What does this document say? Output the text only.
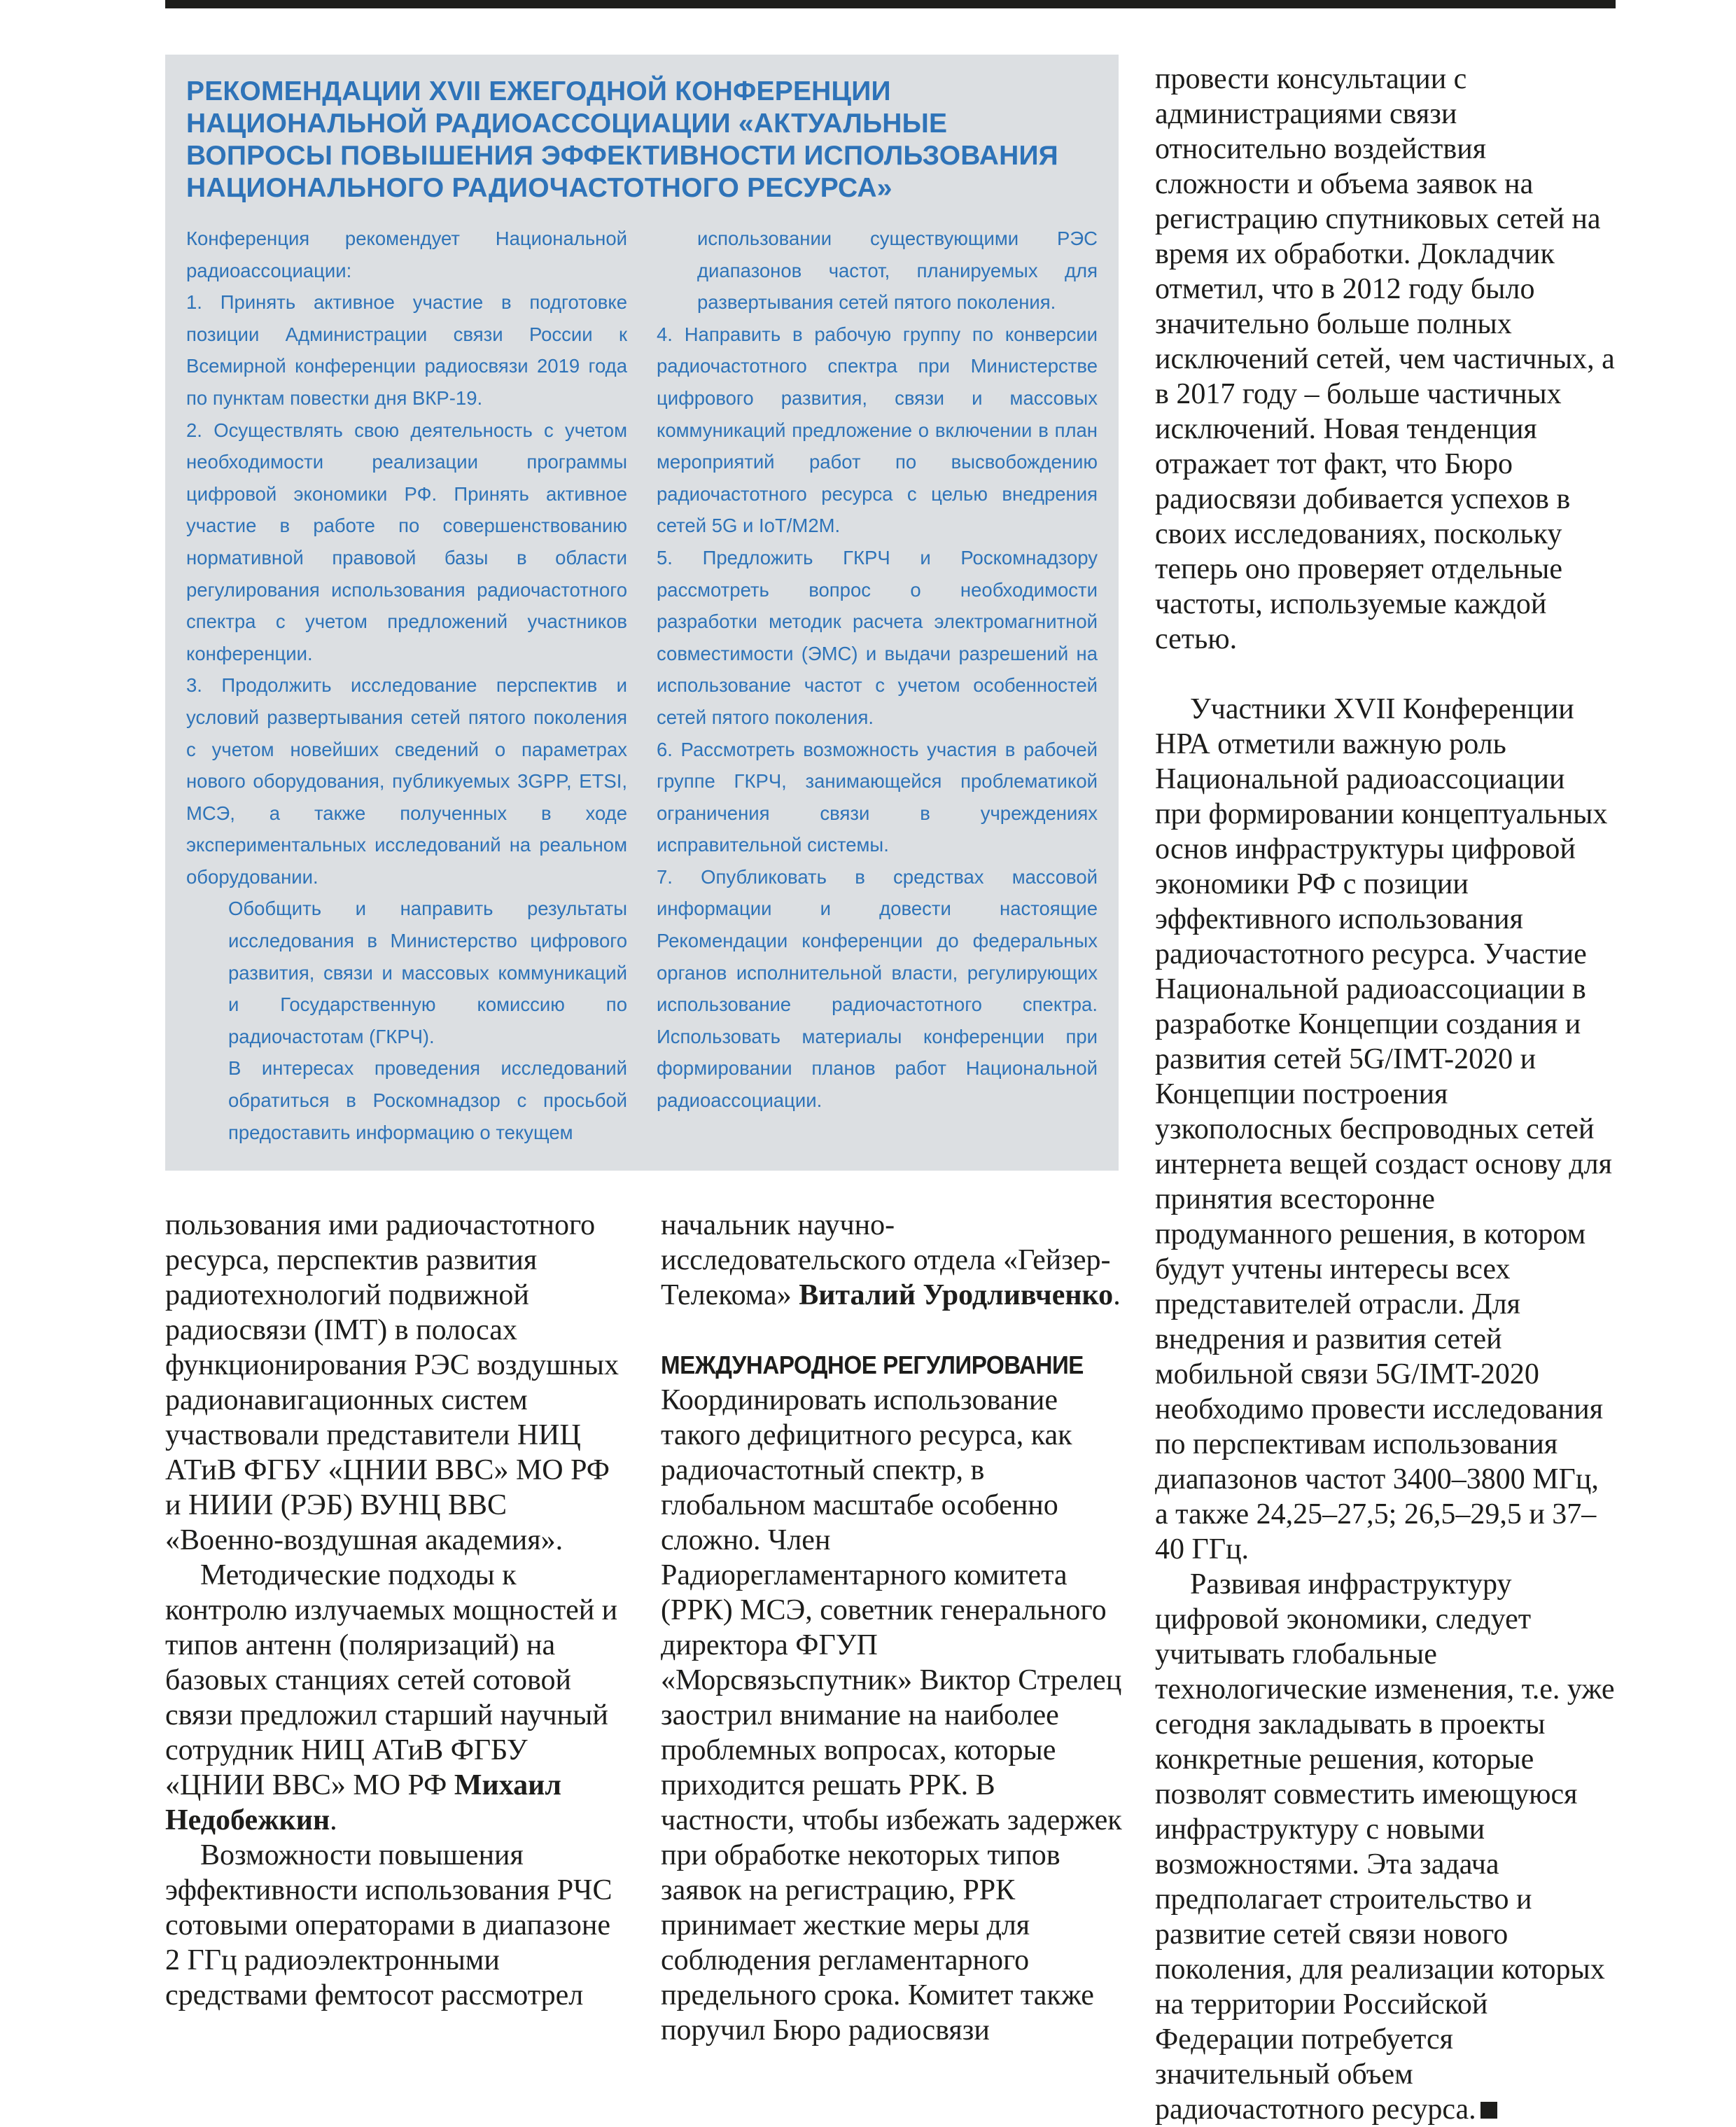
РЕКОМЕНДАЦИИ XVII ЕЖЕГОДНОЙ КОНФЕРЕНЦИИ НАЦИОНАЛЬНОЙ РАДИОАССОЦИАЦИИ «АКТУАЛЬНЫЕ ВОПРОСЫ ПОВЫШЕНИЯ ЭФФЕКТИВНОСТИ ИСПОЛЬЗОВАНИЯ НАЦИОНАЛЬНОГО РАДИОЧАСТОТНОГО РЕСУРСА»

Конференция рекомендует Национальной радиоассоциации:

1. Принять активное участие в подготовке позиции Администрации связи России к Всемирной конференции радиосвязи 2019 года по пунктам повестки дня ВКР-19.

2. Осуществлять свою деятельность с учетом необходимости реализации программы цифровой экономики РФ. Принять активное участие в работе по совершенствованию нормативной правовой базы в области регулирования использования радиочастотного спектра с учетом предложений участников конференции.

3. Продолжить исследование перспектив и условий развертывания сетей пятого поколения с учетом новейших сведений о параметрах нового оборудования, публикуемых 3GPP, ETSI, МСЭ, а также полученных в ходе экспериментальных исследований на реальном оборудовании.

Обобщить и направить результаты исследования в Министерство цифрового развития, связи и массовых коммуникаций и Государственную комиссию по радиочастотам (ГКРЧ).

В интересах проведения исследований обратиться в Роскомнадзор с просьбой предоставить информацию о текущем

использовании существующими РЭС диапазонов частот, планируемых для развертывания сетей пятого поколения.

4. Направить в рабочую группу по конверсии радиочастотного спектра при Министерстве цифрового развития, связи и массовых коммуникаций предложение о включении в план мероприятий работ по высвобождению радиочастотного ресурса с целью внедрения сетей 5G и IoT/M2M.

5. Предложить ГКРЧ и Роскомнадзору рассмотреть вопрос о необходимости разработки методик расчета электромагнитной совместимости (ЭМС) и выдачи разрешений на использование частот с учетом особенностей сетей пятого поколения.

6. Рассмотреть возможность участия в рабочей группе ГКРЧ, занимающейся проблематикой ограничения связи в учреждениях исправительной системы.

7. Опубликовать в средствах массовой информации и довести настоящие Рекомендации конференции до федеральных органов исполнительной власти, регулирующих использование радиочастотного спектра. Использовать материалы конференции при формировании планов работ Национальной радиоассоциации.

пользования ими радиочастотного ресурса, перспектив развития радиотехнологий подвижной радиосвязи (IMT) в полосах функционирования РЭС воздушных радионавигационных систем участвовали представители НИЦ АТиВ ФГБУ «ЦНИИ ВВС» МО РФ и НИИИ (РЭБ) ВУНЦ ВВС «Военно-воздушная академия».

Методические подходы к контролю излучаемых мощностей и типов антенн (поляризаций) на базовых станциях сетей сотовой связи предложил старший научный сотрудник НИЦ АТиВ ФГБУ «ЦНИИ ВВС» МО РФ Михаил Недобежкин.

Возможности повышения эффективности использования РЧС сотовыми операторами в диапазоне 2 ГГц радиоэлектронными средствами фемтосот рассмотрел

начальник научно-исследовательского отдела «Гейзер-Телекома» Виталий Уродливченко.

МЕЖДУНАРОДНОЕ РЕГУЛИРОВАНИЕ

Координировать использование такого дефицитного ресурса, как радиочастотный спектр, в глобальном масштабе особенно сложно. Член Радиорегламентарного комитета (РРК) МСЭ, советник генерального директора ФГУП «Морсвязьспутник» Виктор Стрелец заострил внимание на наиболее проблемных вопросах, которые приходится решать РРК. В частности, чтобы избежать задержек при обработке некоторых типов заявок на регистрацию, РРК принимает жесткие меры для соблюдения регламентарного предельного срока. Комитет также поручил Бюро радиосвязи

провести консультации с администрациями связи относительно воздействия сложности и объема заявок на регистрацию спутниковых сетей на время их обработки. Докладчик отметил, что в 2012 году было значительно больше полных исключений сетей, чем частичных, а в 2017 году – больше частичных исключений. Новая тенденция отражает тот факт, что Бюро радиосвязи добивается успехов в своих исследованиях, поскольку теперь оно проверяет отдельные частоты, используемые каждой сетью.

Участники XVII Конференции НРА отметили важную роль Национальной радиоассоциации при формировании концептуальных основ инфраструктуры цифровой экономики РФ с позиции эффективного использования радиочастотного ресурса. Участие Национальной радиоассоциации в разработке Концепции создания и развития сетей 5G/IMT-2020 и Концепции построения узкополосных беспроводных сетей интернета вещей создаст основу для принятия всесторонне продуманного решения, в котором будут учтены интересы всех представителей отрасли. Для внедрения и развития сетей мобильной связи 5G/IMT-2020 необходимо провести исследования по перспективам использования диапазонов частот 3400–3800 МГц, а также 24,25–27,5; 26,5–29,5 и 37–40 ГГц.

Развивая инфраструктуру цифровой экономики, следует учитывать глобальные технологические изменения, т.е. уже сегодня закладывать в проекты конкретные решения, которые позволят совместить имеющуюся инфраструктуру с новыми возможностями. Эта задача предполагает строительство и развитие сетей связи нового поколения, для реализации которых на территории Российской Федерации потребуется значительный объем радиочастотного ресурса.
